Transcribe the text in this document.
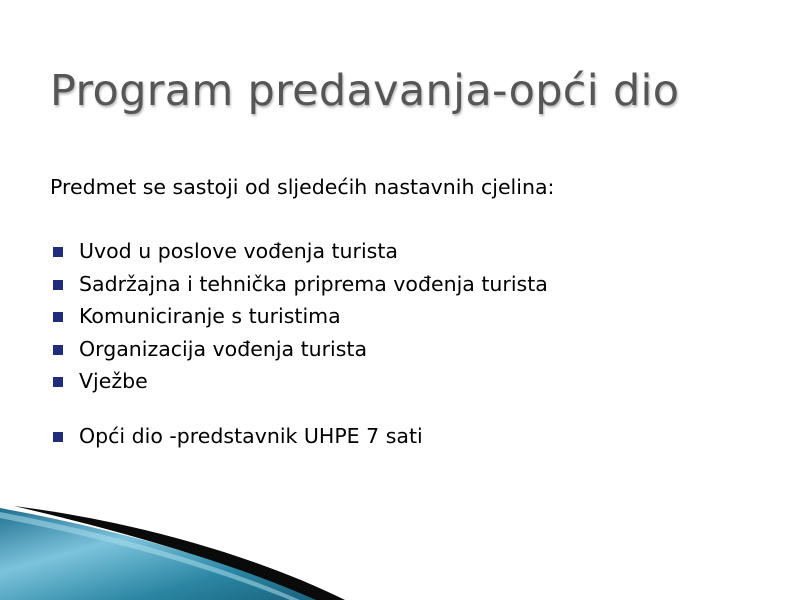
Program predavanja-opći dio

Predmet se sastoji od sljedećih nastavnih cjelina:

Uvod u poslove vođenja turista
Sadržajna i tehnička priprema vođenja turista
Komuniciranje s turistima
Organizacija vođenja turista
Vježbe
Opći dio -predstavnik UHPE 7 sati
